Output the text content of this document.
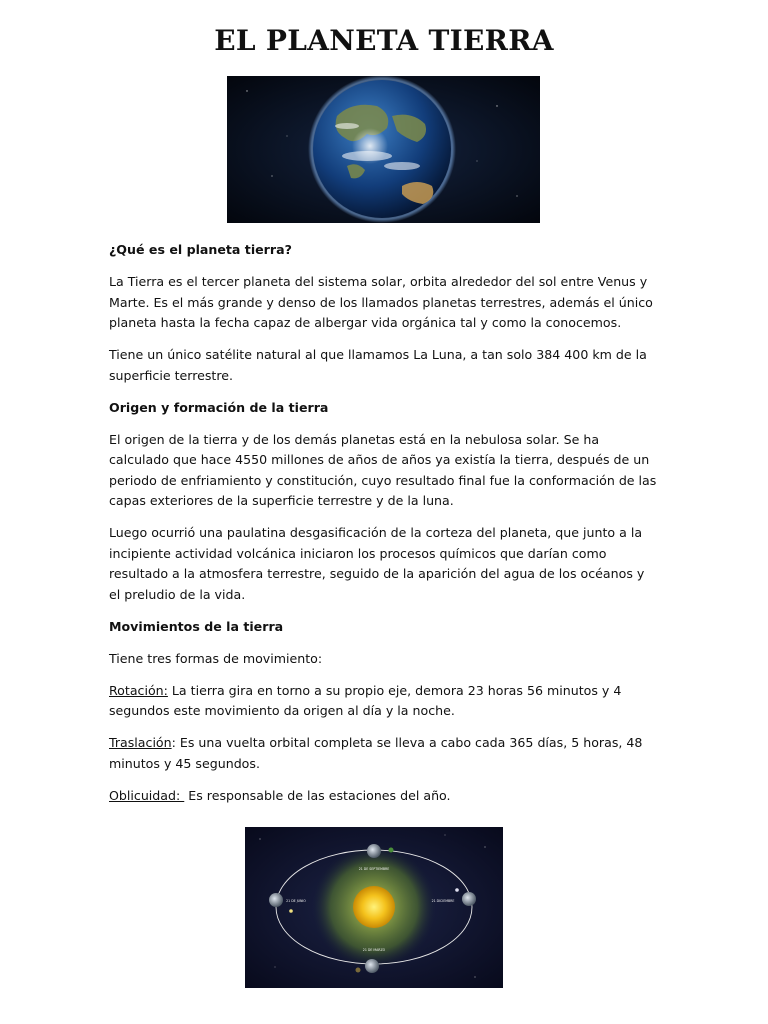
EL PLANETA TIERRA

¿Qué es el planeta tierra?

La Tierra es el tercer planeta del sistema solar, orbita alrededor del sol entre Venus y Marte. Es el más grande y denso de los llamados planetas terrestres, además el único planeta hasta la fecha capaz de albergar vida orgánica tal y como la conocemos.

Tiene un único satélite natural al que llamamos La Luna, a tan solo 384 400 km de la superficie terrestre.

Origen y formación de la tierra

El origen de la tierra y de los demás planetas está en la nebulosa solar. Se ha calculado que hace 4550 millones de años de años ya existía la tierra, después de un periodo de enfriamiento y constitución, cuyo resultado final fue la conformación de las capas exteriores de la superficie terrestre y de la luna.

Luego ocurrió una paulatina desgasificación de la corteza del planeta, que junto a la incipiente actividad volcánica iniciaron los procesos químicos que darían como resultado a la atmosfera terrestre, seguido de la aparición del agua de los océanos y el preludio de la vida.

Movimientos de la tierra

Tiene tres formas de movimiento:

Rotación: La tierra gira en torno a su propio eje, demora 23 horas 56 minutos y 4 segundos este movimiento da origen al día y la noche.

Traslación: Es una vuelta orbital completa se lleva a cabo cada 365 días, 5 horas, 48 minutos y 45 segundos.

Oblicuidad:  Es responsable de las estaciones del año.

21 DE SEPTIEMBRE
21 DE JUNIO	21 DICIEMBRE
21 DE MARZO
